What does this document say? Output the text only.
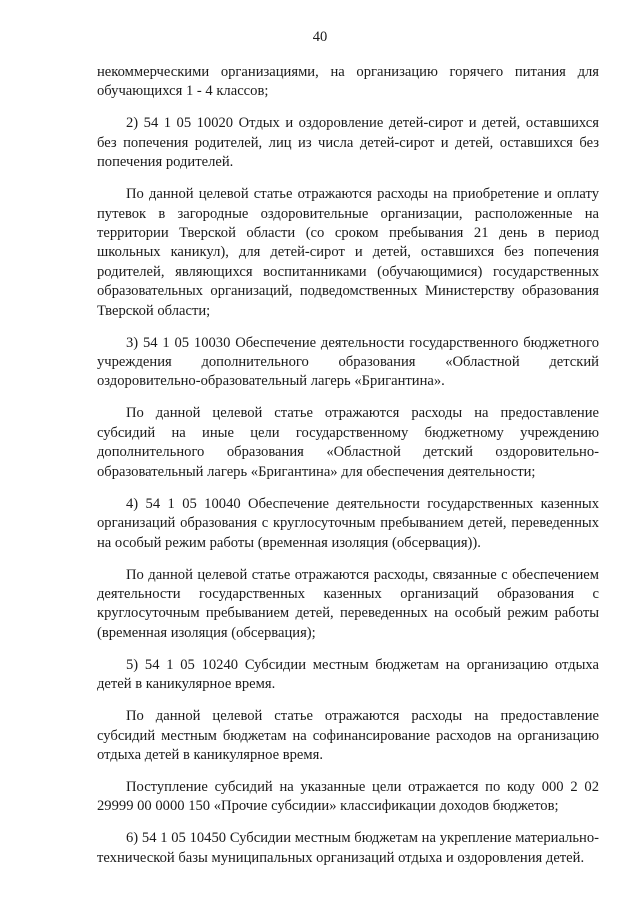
40

некоммерческими организациями, на организацию горячего питания для обучающихся 1 - 4 классов;

2) 54 1 05 10020 Отдых и оздоровление детей-сирот и детей, оставшихся без попечения родителей, лиц из числа детей-сирот и детей, оставшихся без попечения родителей.

По данной целевой статье отражаются расходы на приобретение и оплату путевок в загородные оздоровительные организации, расположенные на территории Тверской области (со сроком пребывания 21 день в период школьных каникул), для детей-сирот и детей, оставшихся без попечения родителей, являющихся воспитанниками (обучающимися) государственных образовательных организаций, подведомственных Министерству образования Тверской области;

3) 54 1 05 10030 Обеспечение деятельности государственного бюджетного учреждения дополнительного образования «Областной детский оздоровительно-образовательный лагерь «Бригантина».

По данной целевой статье отражаются расходы на предоставление субсидий на иные цели государственному бюджетному учреждению дополнительного образования «Областной детский оздоровительно-образовательный лагерь «Бригантина» для обеспечения деятельности;

4) 54 1 05 10040 Обеспечение деятельности государственных казенных организаций образования с круглосуточным пребыванием детей, переведенных на особый режим работы (временная изоляция (обсервация)).

По данной целевой статье отражаются расходы, связанные с обеспечением деятельности государственных казенных организаций образования с круглосуточным пребыванием детей, переведенных на особый режим работы (временная изоляция (обсервация);

5) 54 1 05 10240 Субсидии местным бюджетам на организацию отдыха детей в каникулярное время.

По данной целевой статье отражаются расходы на предоставление субсидий местным бюджетам на софинансирование расходов на организацию отдыха детей в каникулярное время.

Поступление субсидий на указанные цели отражается по коду 000 2 02 29999 00 0000 150 «Прочие субсидии» классификации доходов бюджетов;

6) 54 1 05 10450 Субсидии местным бюджетам на укрепление материально-технической базы муниципальных организаций отдыха и оздоровления детей.
